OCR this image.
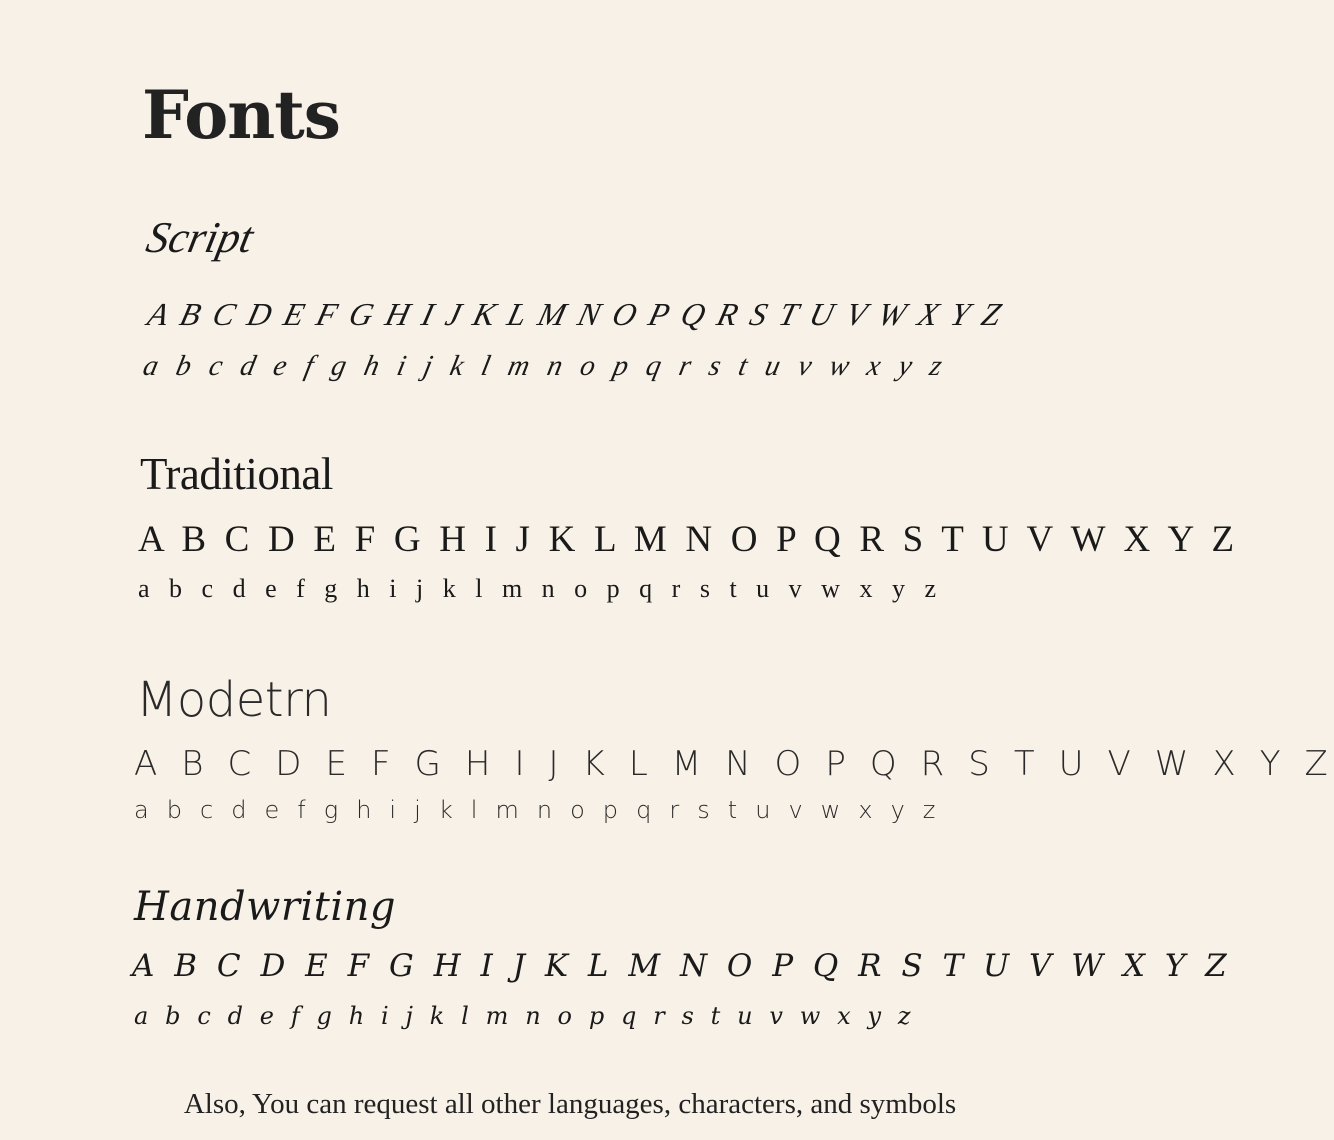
Fonts
Script
A B C D E F G H I J K L M N O P Q R S T U V W X Y Z
a b c d e f g h i j k l m n o p q r s t u v w x y z
Traditional
A B C D E F G H I J K L M N O P Q R S T U V W X Y Z
a b c d e f g h i j k l m n o p q r s t u v w x y z
Modetrn
A B C D E F G H I J K L M N O P Q R S T U V W X Y Z
a b c d e f g h i j k l m n o p q r s t u v w x y z
Handwriting
A B C D E F G H I J K L M N O P Q R S T U V W X Y Z
a b c d e f g h i j k l m n o p q r s t u v w x y z

Also, You can request all other languages, characters, and symbols
